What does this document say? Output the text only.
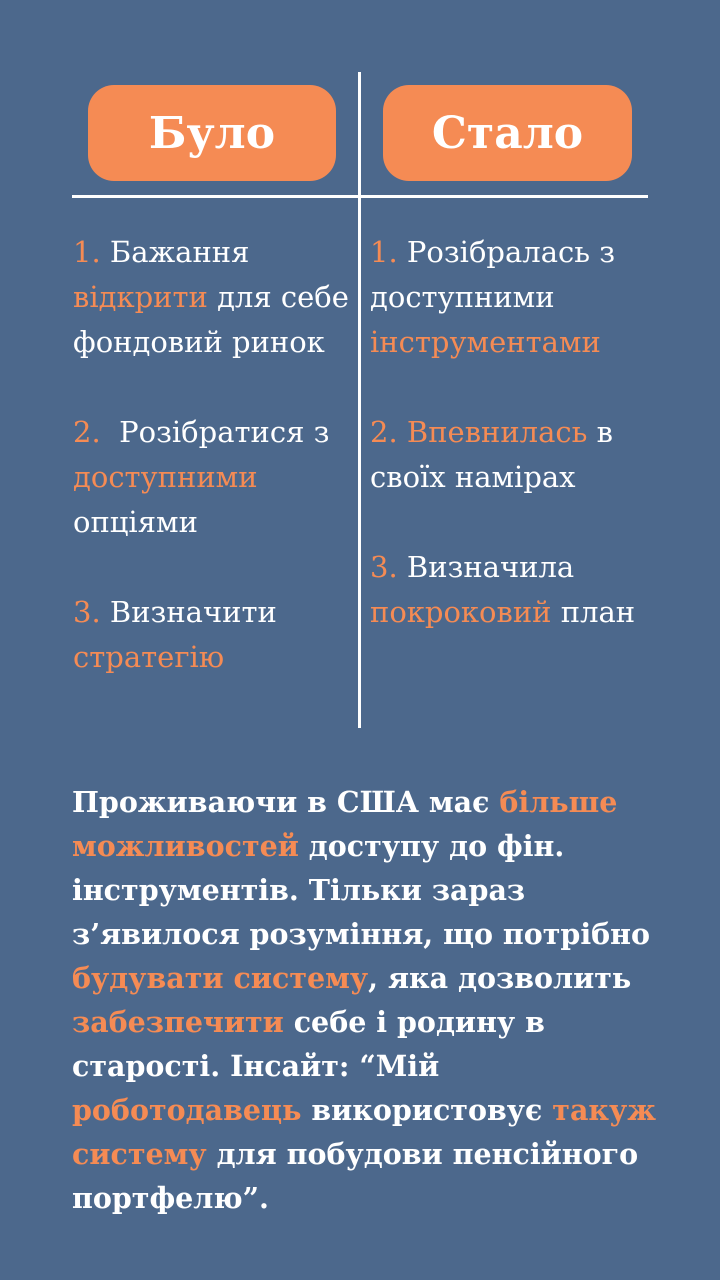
Було	Стало

1. Бажання відкрити для себе фондовий ринок

2.  Розібратися з доступними опціями

3. Визначити стратегію

1. Розібралась з доступними інструментами

2. Впевнилась в своїх намірах

3. Визначила покроковий план

Проживаючи в США має більше можливостей доступу до фін. інструментів. Тільки зараз з’явилося розуміння, що потрібно будувати систему, яка дозволить забезпечити себе і родину в старості. Інсайт: “Мій роботодавець використовує такуж систему для побудови пенсійного портфелю”.
